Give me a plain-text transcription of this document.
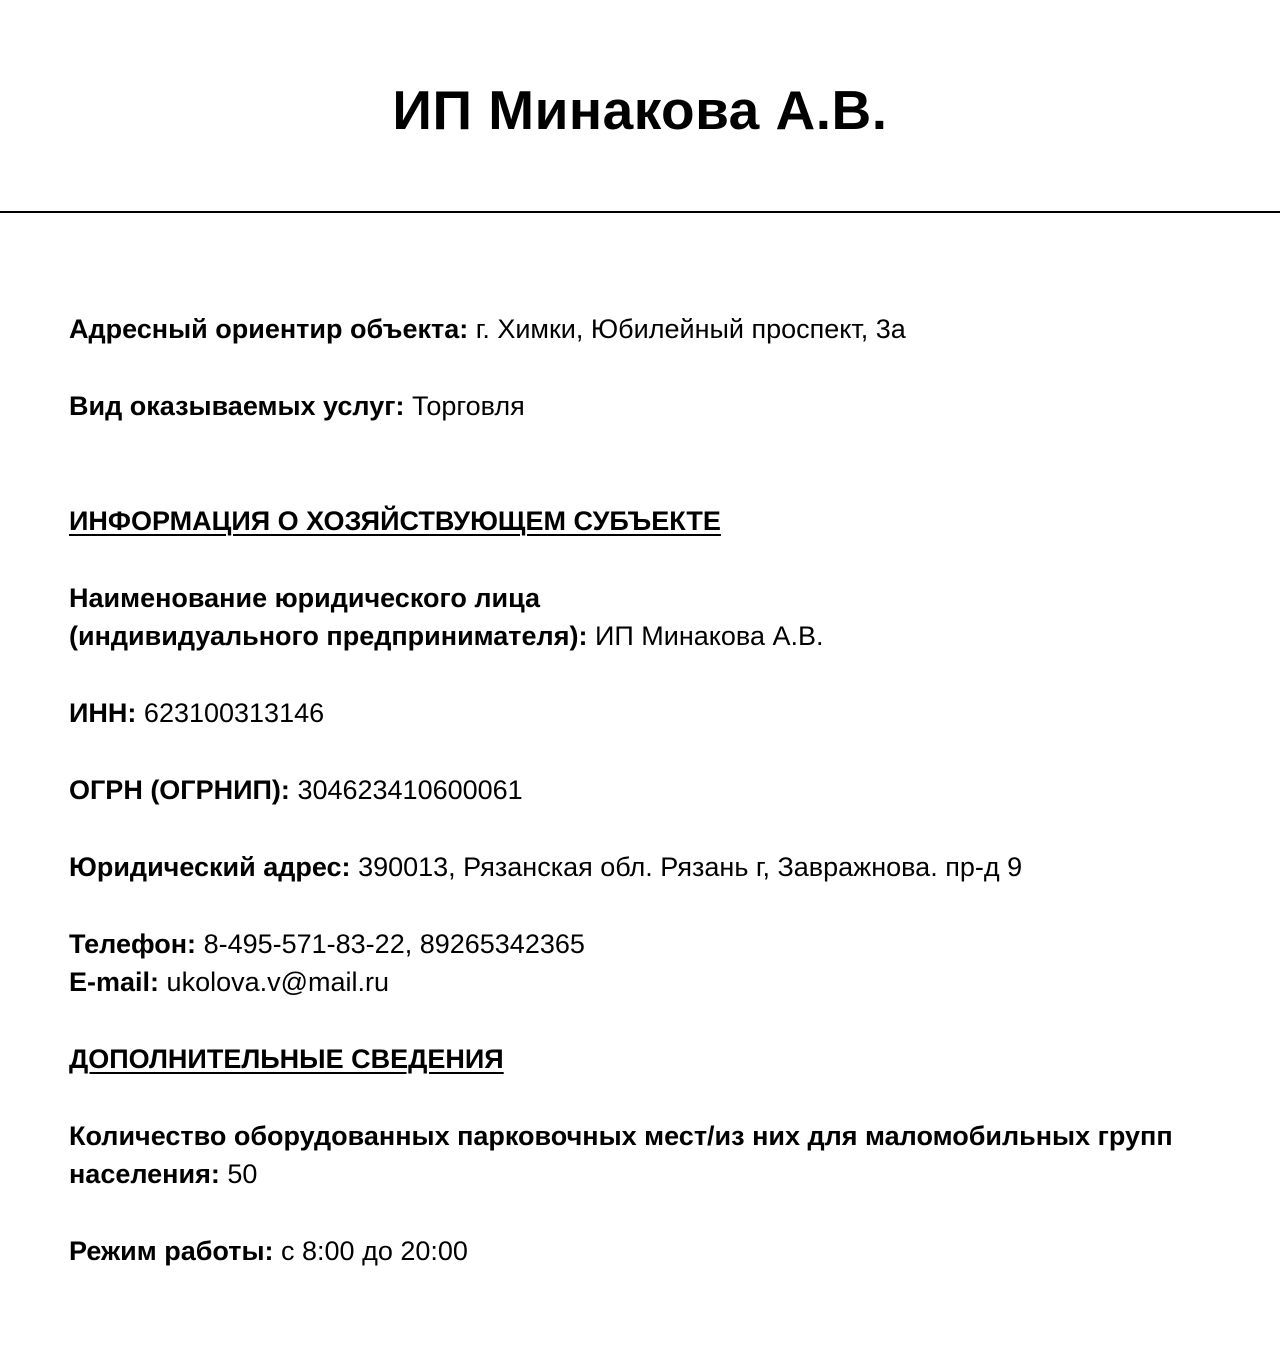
ИП Минакова А.В.
Адресный ориентир объекта: г. Химки, Юбилейный проспект, 3а
Вид оказываемых услуг: Торговля
ИНФОРМАЦИЯ О ХОЗЯЙСТВУЮЩЕМ СУБЪЕКТЕ
Наименование юридического лица
(индивидуального предпринимателя): ИП Минакова А.В.
ИНН: 623100313146
ОГРН (ОГРНИП): 304623410600061
Юридический адрес: 390013, Рязанская обл. Рязань г, Завражнова. пр-д 9
Телефон: 8-495-571-83-22, 89265342365
E-mail: ukolova.v@mail.ru
ДОПОЛНИТЕЛЬНЫЕ СВЕДЕНИЯ
Количество оборудованных парковочных мест/из них для маломобильных групп
населения: 50
Режим работы: с 8:00 до 20:00
